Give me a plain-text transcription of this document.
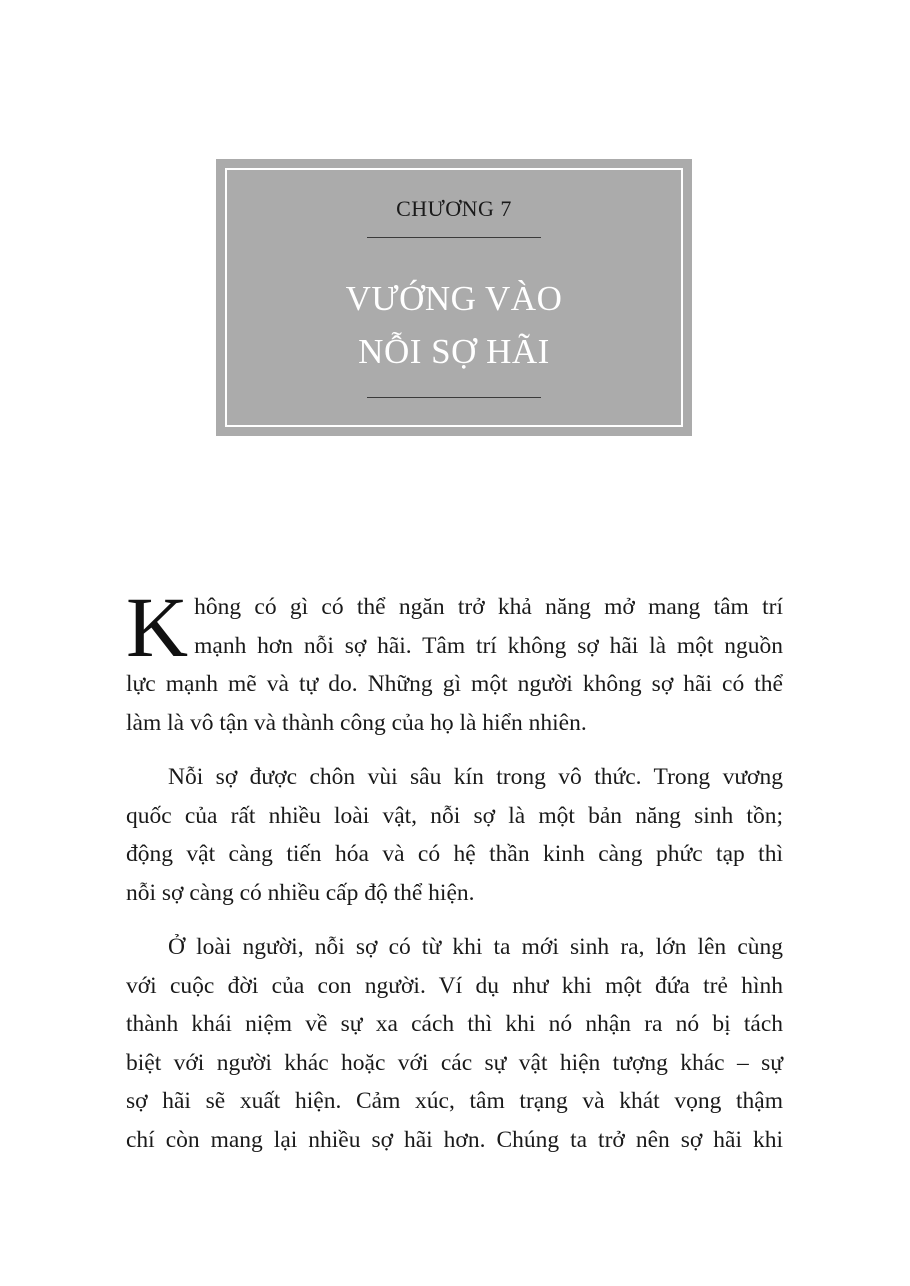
CHƯƠNG 7
VƯỚNG VÀO
NỖI SỢ HÃI
K hông có gì có thể ngăn trở khả năng mở mang tâm trí
mạnh hơn nỗi sợ hãi. Tâm trí không sợ hãi là một nguồn
lực mạnh mẽ và tự do. Những gì một người không sợ hãi có thể
làm là vô tận và thành công của họ là hiển nhiên.
Nỗi sợ được chôn vùi sâu kín trong vô thức. Trong vương
quốc của rất nhiều loài vật, nỗi sợ là một bản năng sinh tồn;
động vật càng tiến hóa và có hệ thần kinh càng phức tạp thì
nỗi sợ càng có nhiều cấp độ thể hiện.
Ở loài người, nỗi sợ có từ khi ta mới sinh ra, lớn lên cùng
với cuộc đời của con người. Ví dụ như khi một đứa trẻ hình
thành khái niệm về sự xa cách thì khi nó nhận ra nó bị tách
biệt với người khác hoặc với các sự vật hiện tượng khác – sự
sợ hãi sẽ xuất hiện. Cảm xúc, tâm trạng và khát vọng thậm
chí còn mang lại nhiều sợ hãi hơn. Chúng ta trở nên sợ hãi khi
